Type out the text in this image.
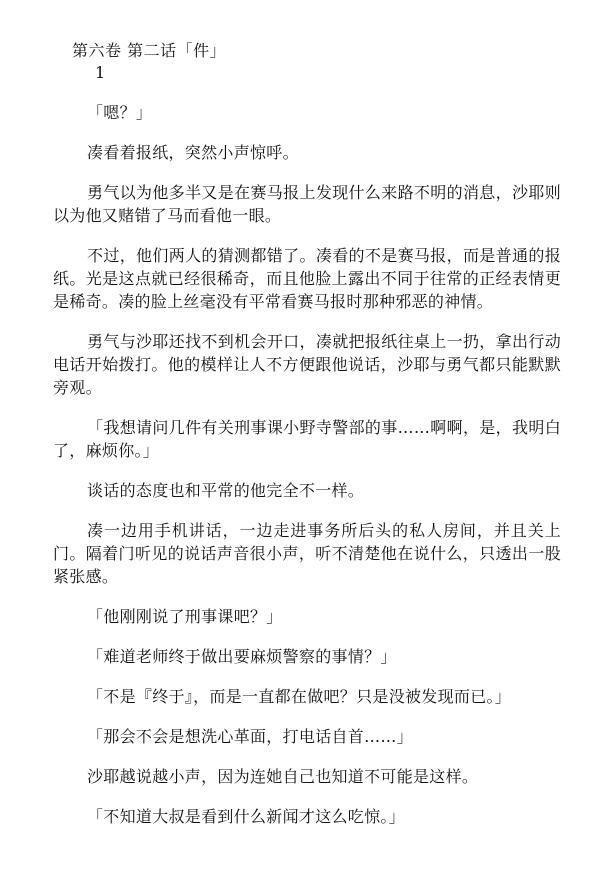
第六卷 第二话「件」
1

「嗯？」

凑看着报纸，突然小声惊呼。

勇气以为他多半又是在赛马报上发现什么来路不明的消息，沙耶则以为他又赌错了马而看他一眼。

不过，他们两人的猜测都错了。凑看的不是赛马报，而是普通的报纸。光是这点就已经很稀奇，而且他脸上露出不同于往常的正经表情更是稀奇。凑的脸上丝毫没有平常看赛马报时那种邪恶的神情。

勇气与沙耶还找不到机会开口，凑就把报纸往桌上一扔，拿出行动电话开始拨打。他的模样让人不方便跟他说话，沙耶与勇气都只能默默旁观。

「我想请问几件有关刑事课小野寺警部的事……啊啊，是，我明白了，麻烦你。」

谈话的态度也和平常的他完全不一样。

凑一边用手机讲话，一边走进事务所后头的私人房间，并且关上门。隔着门听见的说话声音很小声，听不清楚他在说什么，只透出一股紧张感。

「他刚刚说了刑事课吧？」

「难道老师终于做出要麻烦警察的事情？」

「不是『终于』，而是一直都在做吧？只是没被发现而已。」

「那会不会是想洗心革面，打电话自首……」

沙耶越说越小声，因为连她自己也知道不可能是这样。

「不知道大叔是看到什么新闻才这么吃惊。」
